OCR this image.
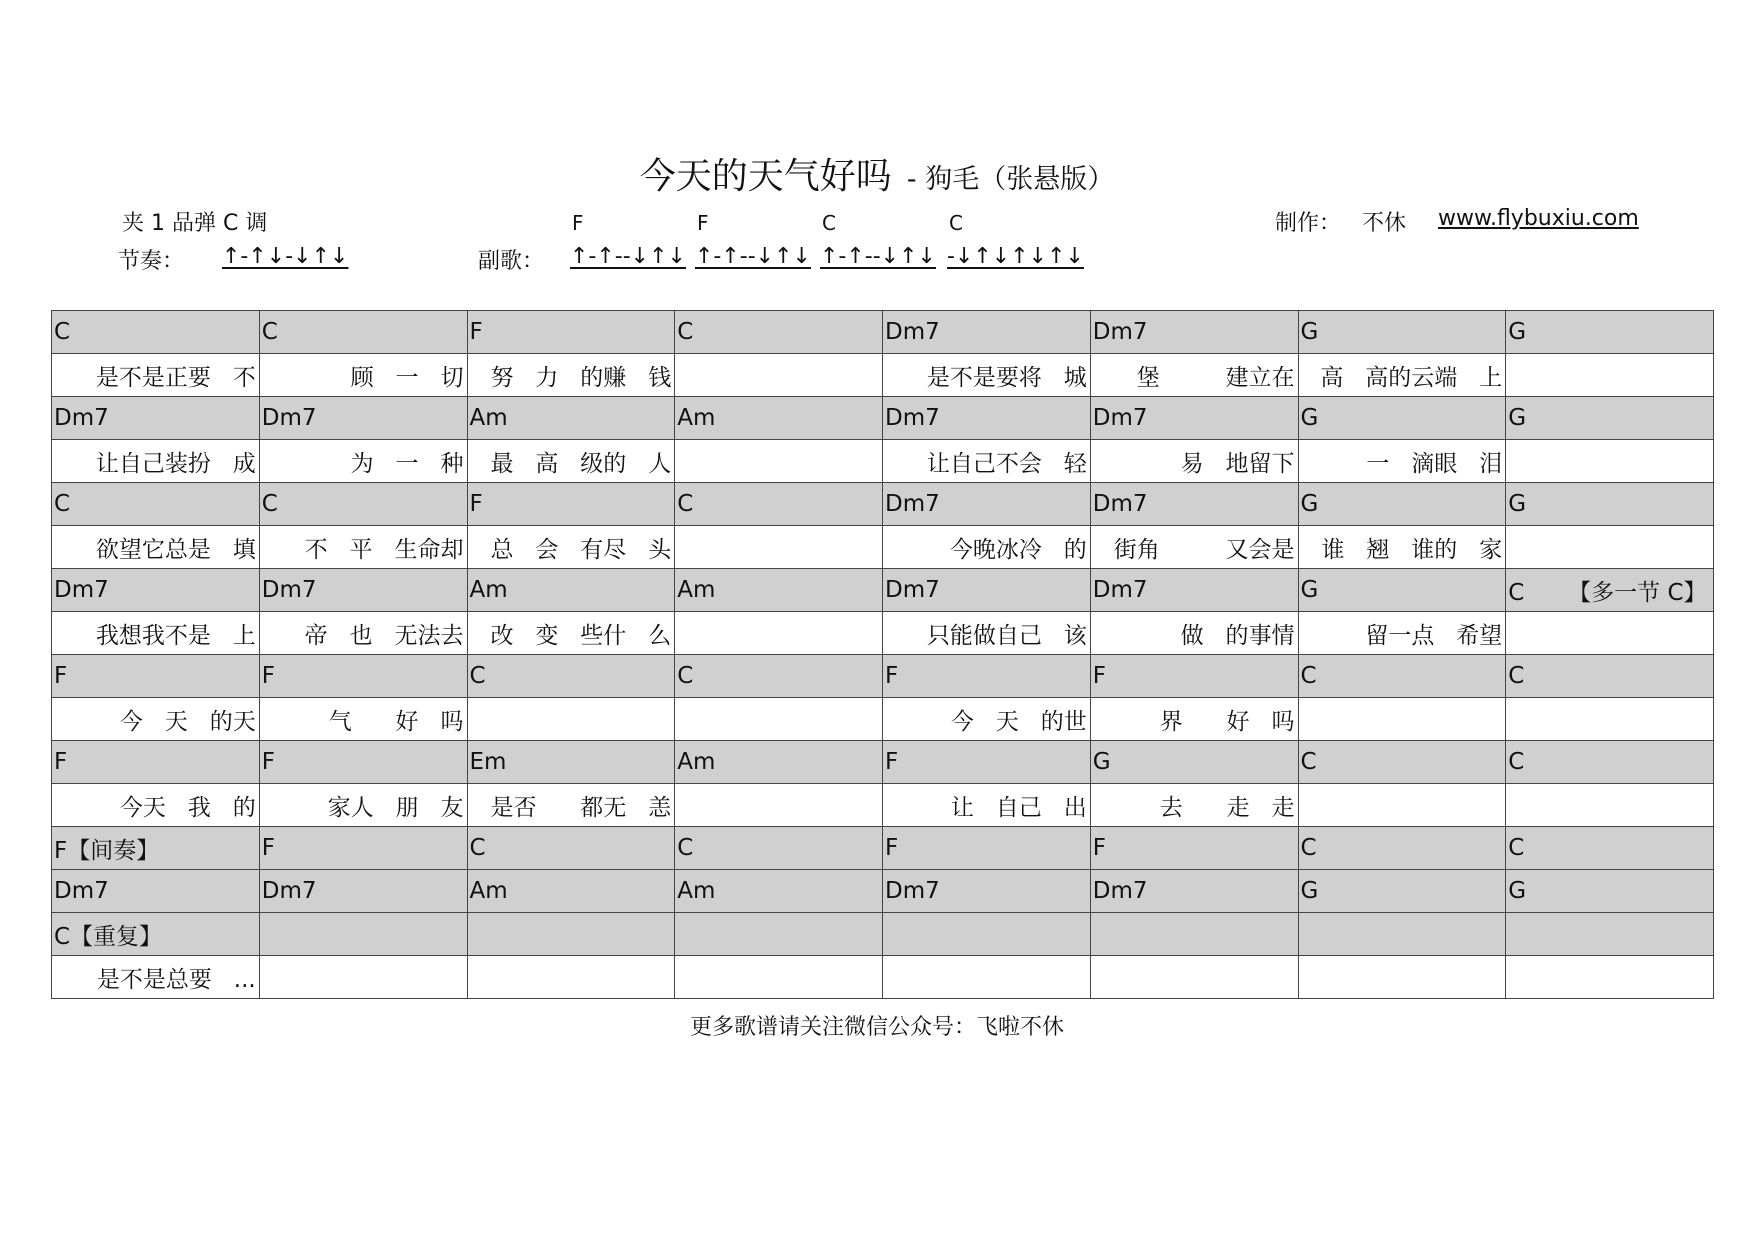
今天的天气好吗 - 狗毛（张悬版）
夹 1 品弹 C 调
节奏： ↑-↑↓-↓↑↓	副歌：
F	F	C	C
↑-↑--↓↑↓ ↑-↑--↓↑↓ ↑-↑--↓↑↓ -↓↑↓↑↓↑↓
制作： 不休 www.flybuxiu.com
C	C	F	C	Dm7	Dm7	G	G
是不是正要   不	顾   一   切	努   力   的赚   钱		是不是要将   城	堡         建立在	高   高的云端   上	
Dm7	Dm7	Am	Am	Dm7	Dm7	G	G
让自己装扮   成	为   一   种	最   高   级的   人		让自己不会   轻	易   地留下	一   滴眼   泪	
C	C	F	C	Dm7	Dm7	G	G
欲望它总是   填	不   平   生命却	总   会   有尽   头		今晚冰冷   的	街角         又会是	谁   翘   谁的   家	
Dm7	Dm7	Am	Am	Dm7	Dm7	G	C      【多一节 C】
我想我不是   上	帝   也   无法去	改   变   些什   么		只能做自己   该	做   的事情	留一点   希望	
F	F	C	C	F	F	C	C
今   天   的天	气      好   吗			今   天   的世	界      好   吗		
F	F	Em	Am	F	G	C	C
今天   我   的	家人   朋   友	是否      都无   恙		让   自己   出	去      走   走		
F【间奏】	F	C	C	F	F	C	C
Dm7	Dm7	Am	Am	Dm7	Dm7	G	G
C【重复】							
是不是总要   ...							
更多歌谱请关注微信公众号：飞啦不休
